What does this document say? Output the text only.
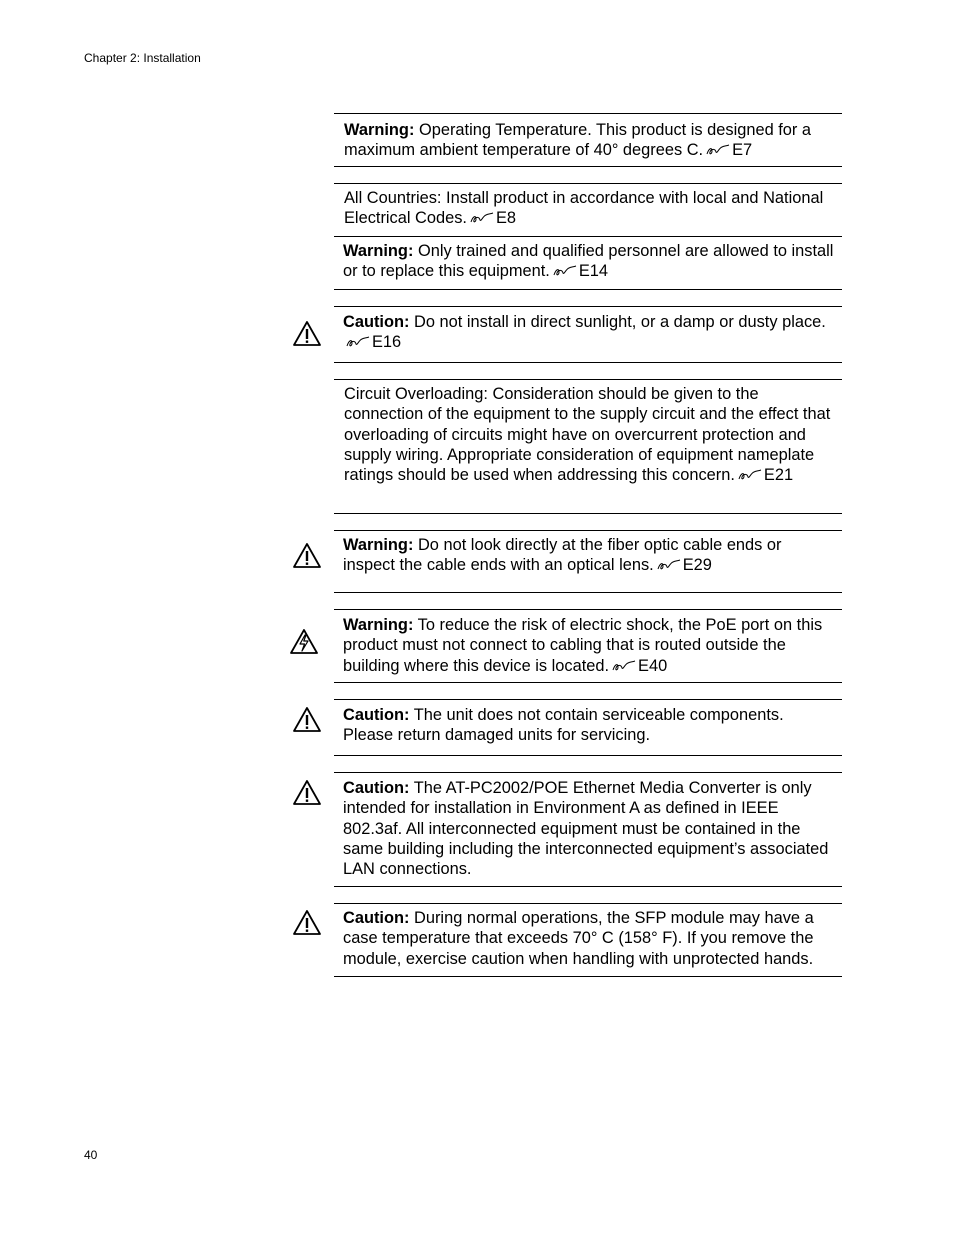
Chapter 2: Installation
Warning: Operating Temperature. This product is designed for a maximum ambient temperature of 40° degrees C. E7
All Countries: Install product in accordance with local and National Electrical Codes. E8
Warning: Only trained and qualified personnel are allowed to install or to replace this equipment. E14
Caution: Do not install in direct sunlight, or a damp or dusty place.E16
Circuit Overloading: Consideration should be given to the connection of the equipment to the supply circuit and the effect that overloading of circuits might have on overcurrent protection and supply wiring. Appropriate consideration of equipment nameplate ratings should be used when addressing this concern. E21
Warning: Do not look directly at the fiber optic cable ends or inspect the cable ends with an optical lens. E29
Warning: To reduce the risk of electric shock, the PoE port on this product must not connect to cabling that is routed outside the building where this device is located. E40
Caution: The unit does not contain serviceable components. Please return damaged units for servicing.
Caution: The AT-PC2002/POE Ethernet Media Converter is only intended for installation in Environment A as defined in IEEE 802.3af. All interconnected equipment must be contained in the same building including the interconnected equipment’s associated LAN connections.
Caution: During normal operations, the SFP module may have a case temperature that exceeds 70° C (158° F). If you remove the module, exercise caution when handling with unprotected hands.
40
